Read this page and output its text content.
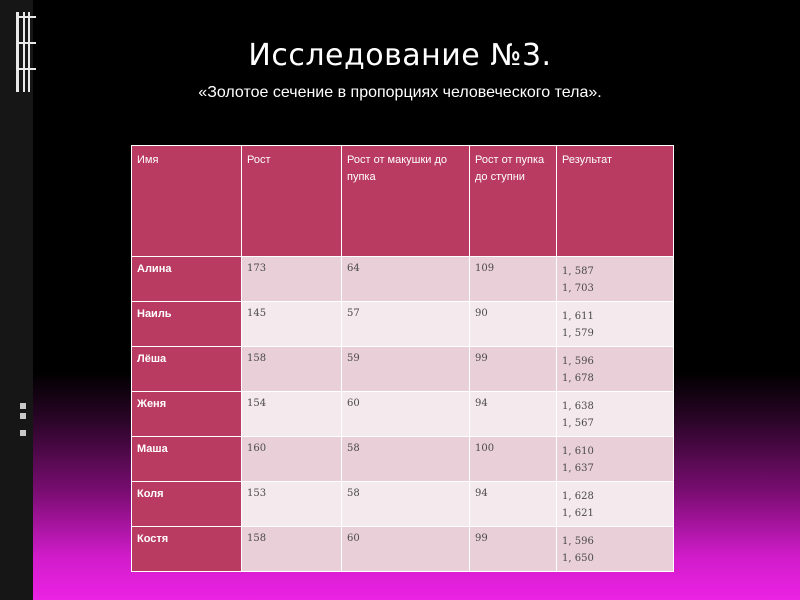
Исследование №3.
«Золотое сечение в пропорциях человеческого тела».
Имя	Рост	Рост от макушки до пупка	Рост от пупка до ступни	Результат
Алина	173	64	109	1, 587
1, 703

Наиль	145	57	90	1, 611
1, 579

Лёша	158	59	99	1, 596
1, 678

Женя	154	60	94	1, 638
1, 567

Маша	160	58	100	1, 610
1, 637

Коля	153	58	94	1, 628
1, 621

Костя	158	60	99	1, 596
1, 650
